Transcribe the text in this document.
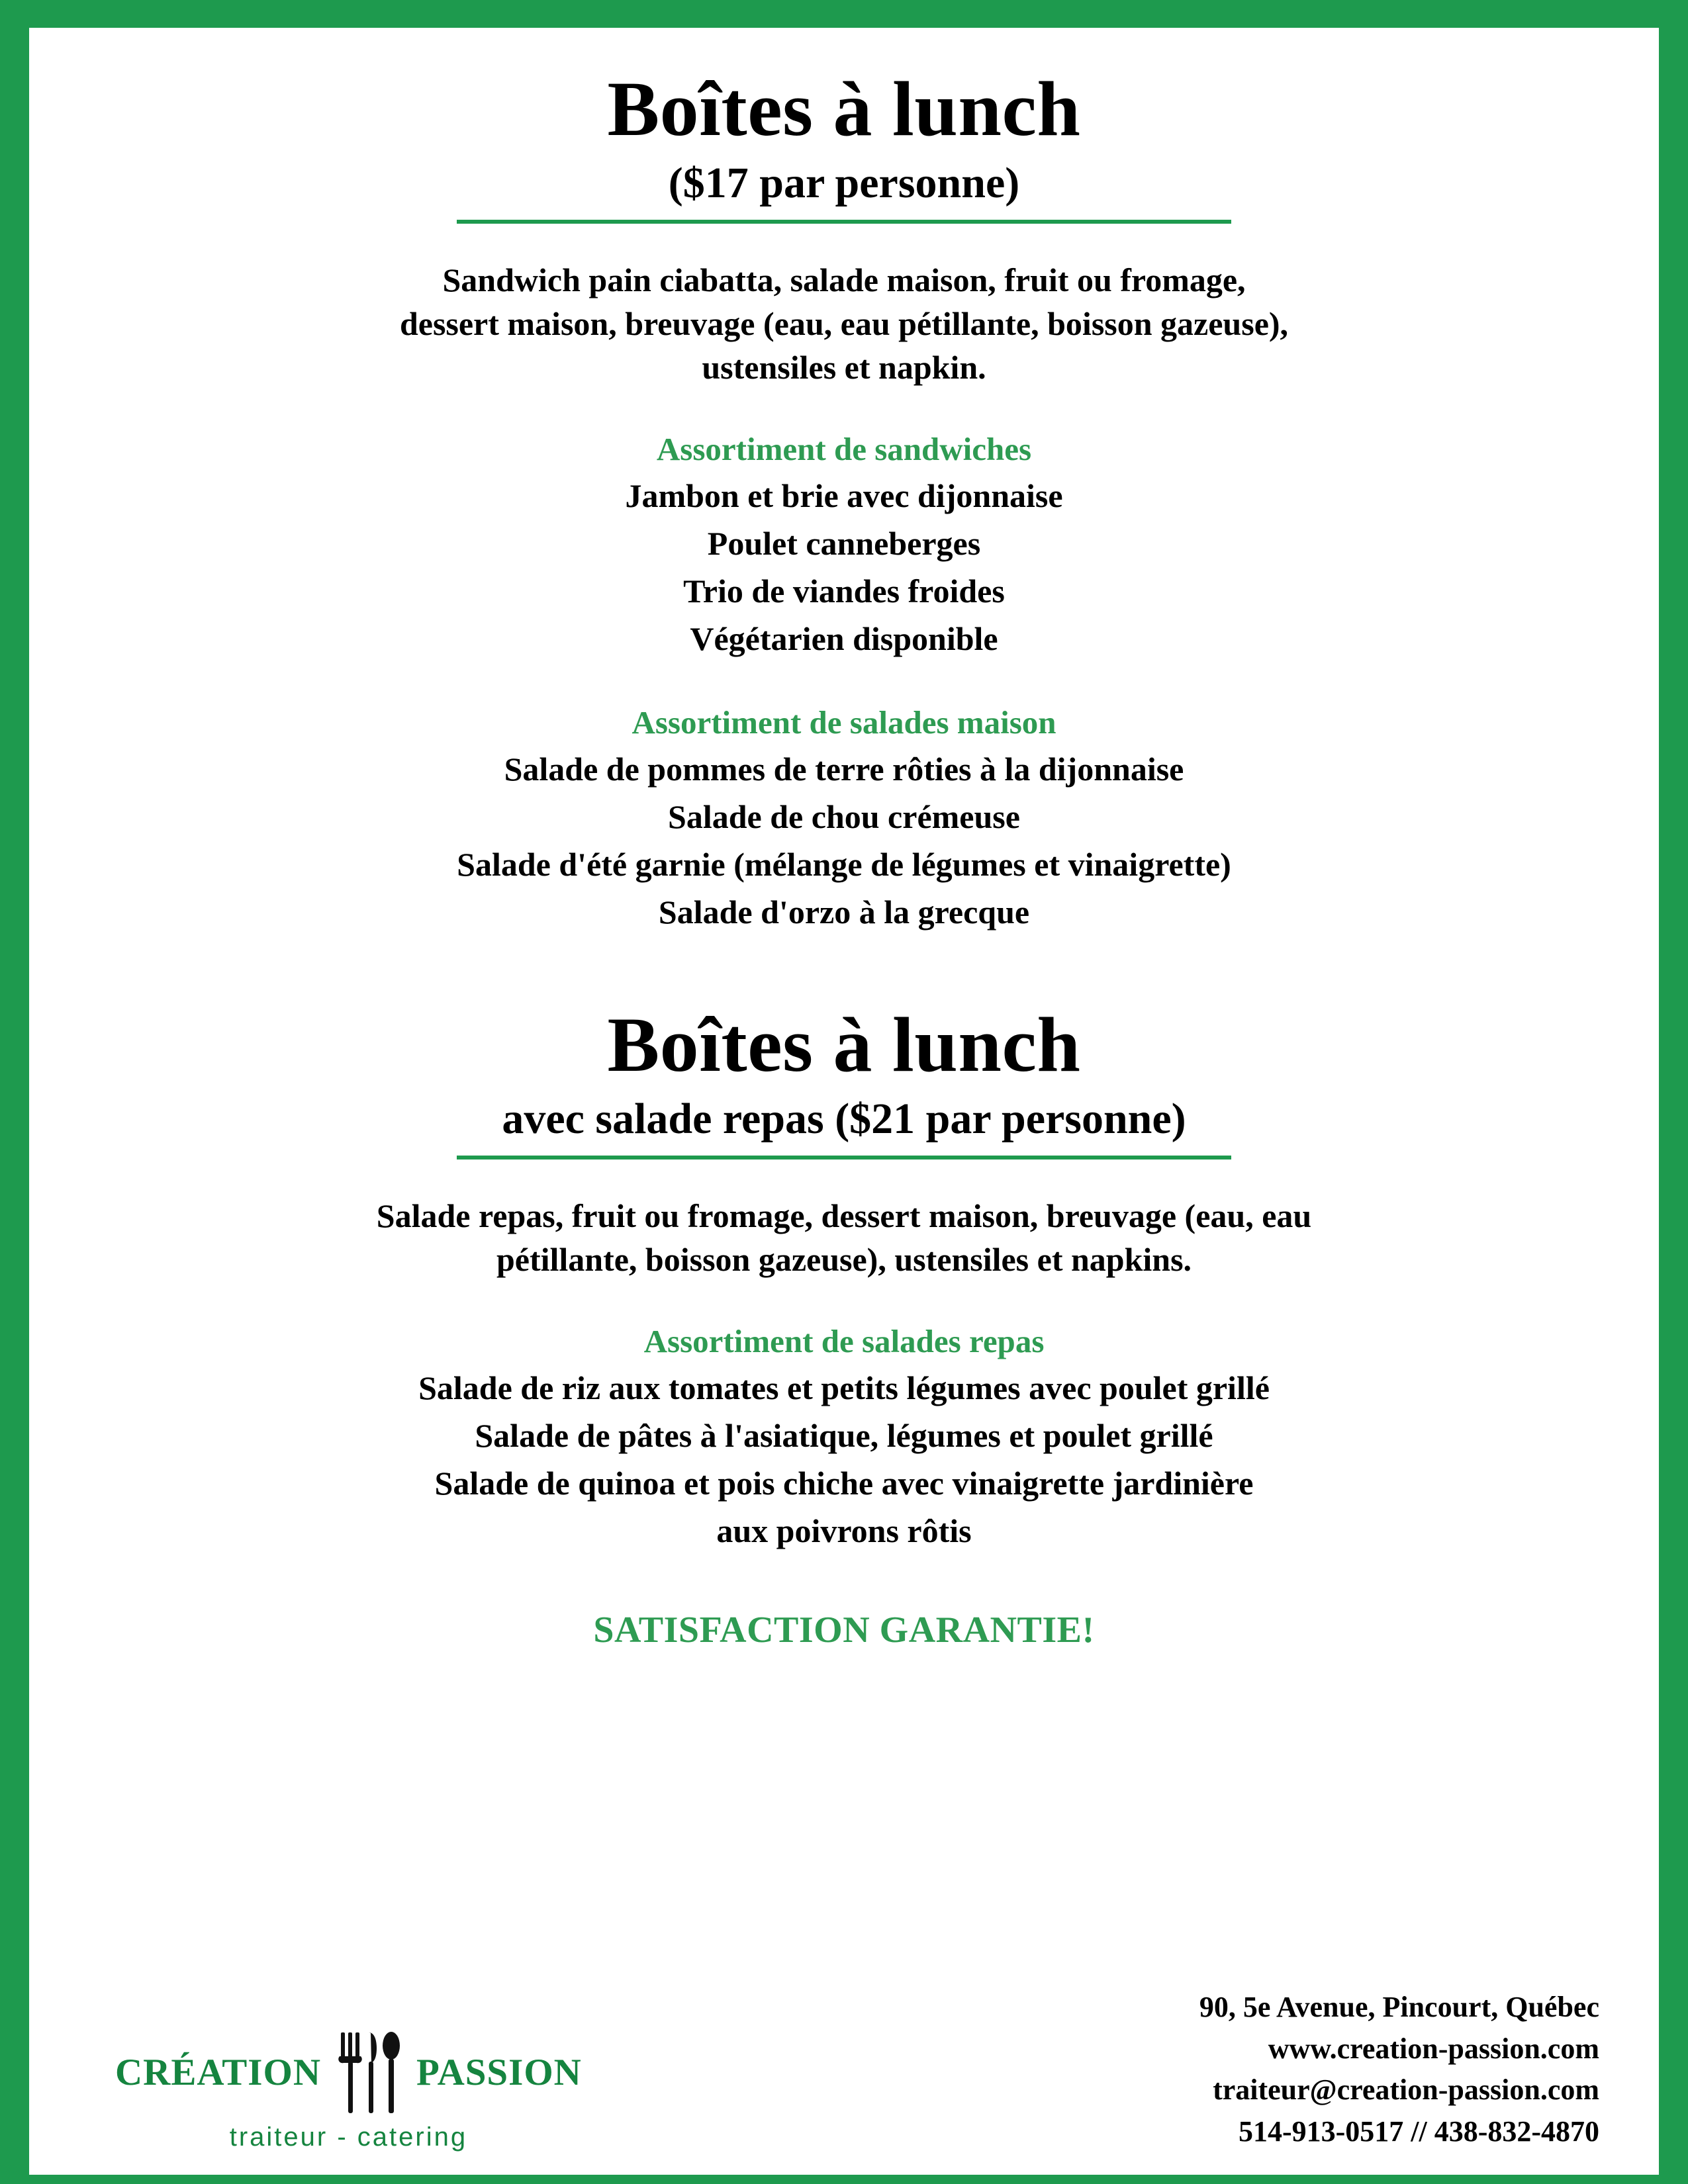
Boîtes à lunch
($17 par personne)
Sandwich pain ciabatta, salade maison, fruit ou fromage,
dessert maison, breuvage (eau, eau pétillante, boisson gazeuse),
ustensiles et napkin.
Assortiment de sandwiches
Jambon et brie avec dijonnaise
Poulet canneberges
Trio de viandes froides
Végétarien disponible
Assortiment de salades maison
Salade de pommes de terre rôties à la dijonnaise
Salade de chou crémeuse
Salade d'été garnie (mélange de légumes et vinaigrette)
Salade d'orzo à la grecque
Boîtes à lunch
avec salade repas ($21 par personne)
Salade repas, fruit ou fromage, dessert maison, breuvage (eau, eau
pétillante, boisson gazeuse), ustensiles et napkins.
Assortiment de salades repas
Salade de riz aux tomates et petits légumes avec poulet grillé
Salade de pâtes à l'asiatique, légumes et poulet grillé
Salade de quinoa et pois chiche avec vinaigrette jardinière
aux poivrons rôtis
SATISFACTION GARANTIE!
CRÉATION	PASSION
traiteur - catering
90, 5e Avenue, Pincourt, Québec
www.creation-passion.com
traiteur@creation-passion.com
514-913-0517 // 438-832-4870
